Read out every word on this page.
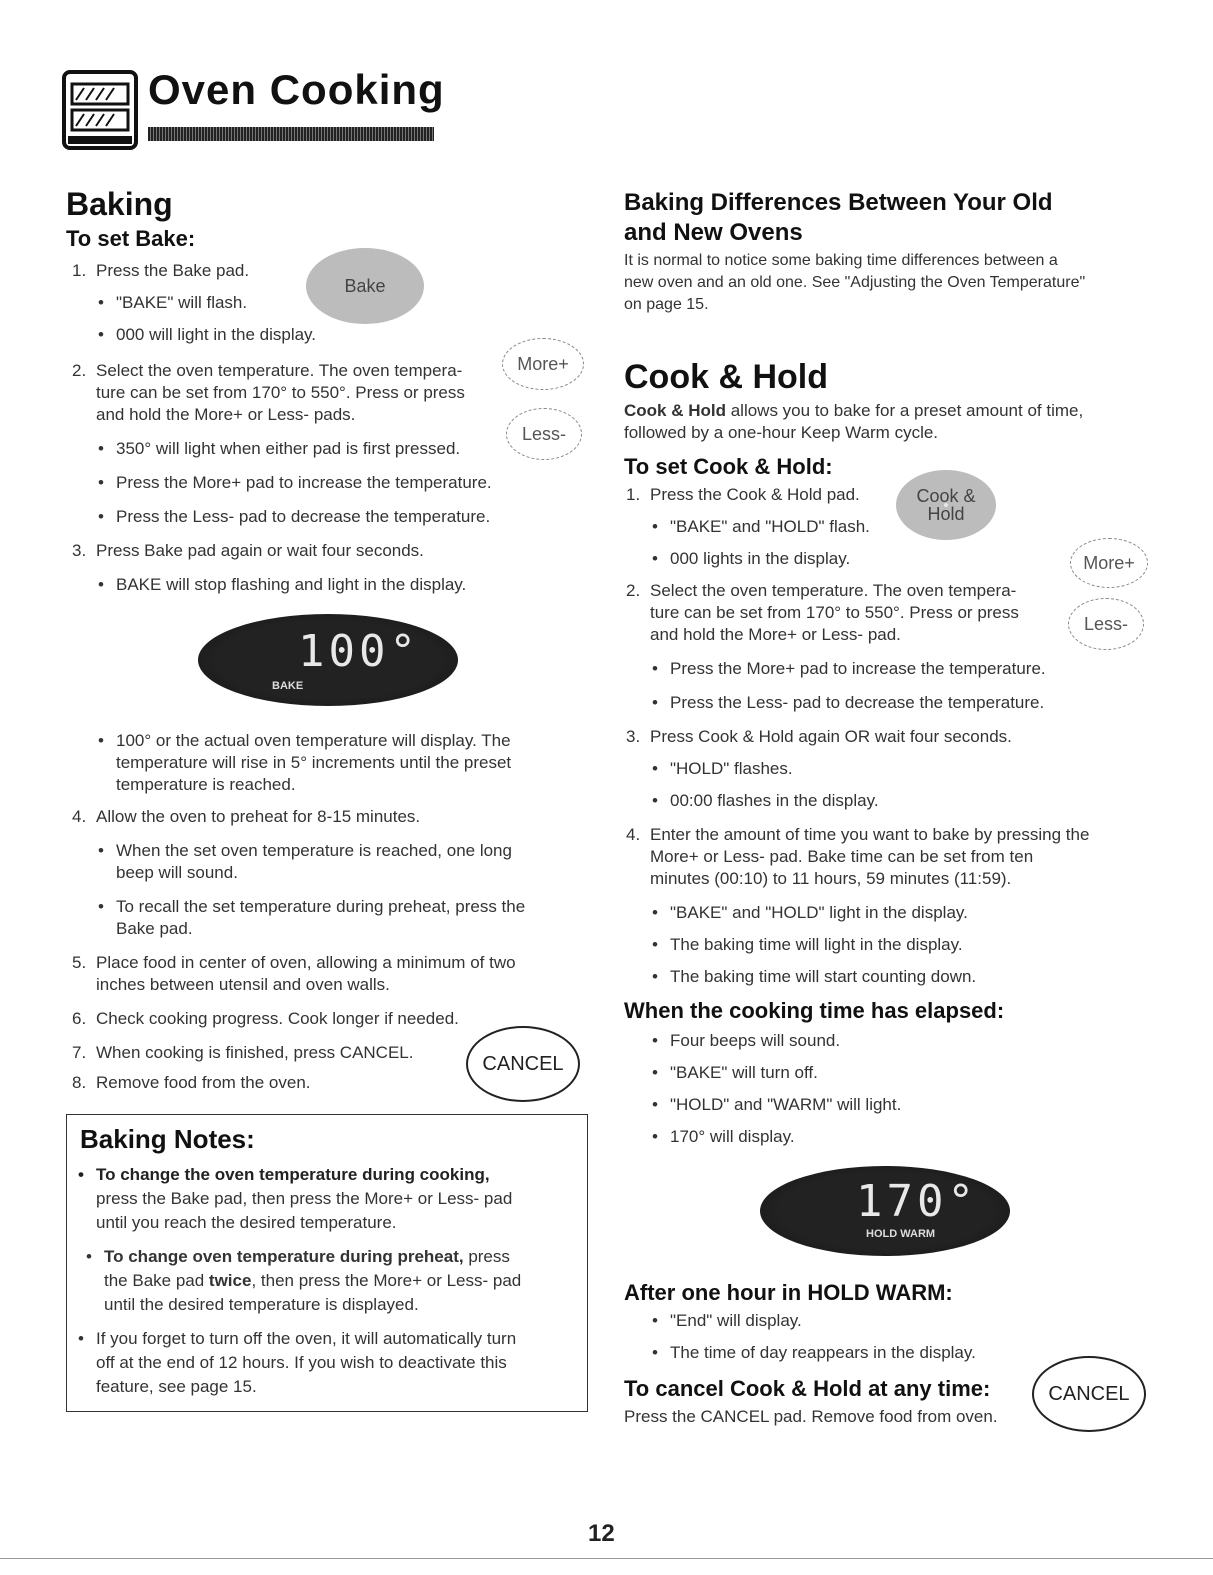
Oven Cooking
Baking
To set Bake:
1. Press the Bake pad.
• "BAKE" will flash.
• 000 will light in the display.
Bake
2. Select the oven temperature. The oven tempera-
ture can be set from 170° to 550°. Press or press
and hold the More+ or Less- pads.
• 350° will light when either pad is first pressed.
• Press the More+ pad to increase the temperature.
• Press the Less- pad to decrease the temperature.
More+
Less-
3. Press Bake pad again or wait four seconds.
• BAKE will stop flashing and light in the display.
100°
BAKE
• 100° or the actual oven temperature will display. The
temperature will rise in 5° increments until the preset
temperature is reached.
4. Allow the oven to preheat for 8-15 minutes.
• When the set oven temperature is reached, one long
beep will sound.
• To recall the set temperature during preheat, press the
Bake pad.
5. Place food in center of oven, allowing a minimum of two
inches between utensil and oven walls.
6. Check cooking progress. Cook longer if needed.
7. When cooking is finished, press CANCEL.
8. Remove food from the oven.
CANCEL
Baking Notes:
• To change the oven temperature during cooking,
press the Bake pad, then press the More+ or Less- pad
until you reach the desired temperature.
• To change oven temperature during preheat, press
the Bake pad twice, then press the More+ or Less- pad
until the desired temperature is displayed.
• If you forget to turn off the oven, it will automatically turn
off at the end of 12 hours. If you wish to deactivate this
feature, see page 15.
Baking Differences Between Your Old
and New Ovens
It is normal to notice some baking time differences between a
new oven and an old one. See "Adjusting the Oven Temperature"
on page 15.
Cook & Hold
Cook & Hold allows you to bake for a preset amount of time,
followed by a one-hour Keep Warm cycle.
To set Cook & Hold:
1. Press the Cook & Hold pad.
• "BAKE" and "HOLD" flash.
• 000 lights in the display.
Cook &
Hold
More+
2. Select the oven temperature. The oven tempera-
ture can be set from 170° to 550°. Press or press
and hold the More+ or Less- pad.
Less-
• Press the More+ pad to increase the temperature.
• Press the Less- pad to decrease the temperature.
3. Press Cook & Hold again OR wait four seconds.
• "HOLD" flashes.
• 00:00 flashes in the display.
4. Enter the amount of time you want to bake by pressing the
More+ or Less- pad. Bake time can be set from ten
minutes (00:10) to 11 hours, 59 minutes (11:59).
• "BAKE" and "HOLD" light in the display.
• The baking time will light in the display.
• The baking time will start counting down.
When the cooking time has elapsed:
• Four beeps will sound.
• "BAKE" will turn off.
• "HOLD" and "WARM" will light.
• 170° will display.
170°
HOLD WARM
After one hour in HOLD WARM:
• "End" will display.
• The time of day reappears in the display.
To cancel Cook & Hold at any time:
Press the CANCEL pad. Remove food from oven.
CANCEL
12
